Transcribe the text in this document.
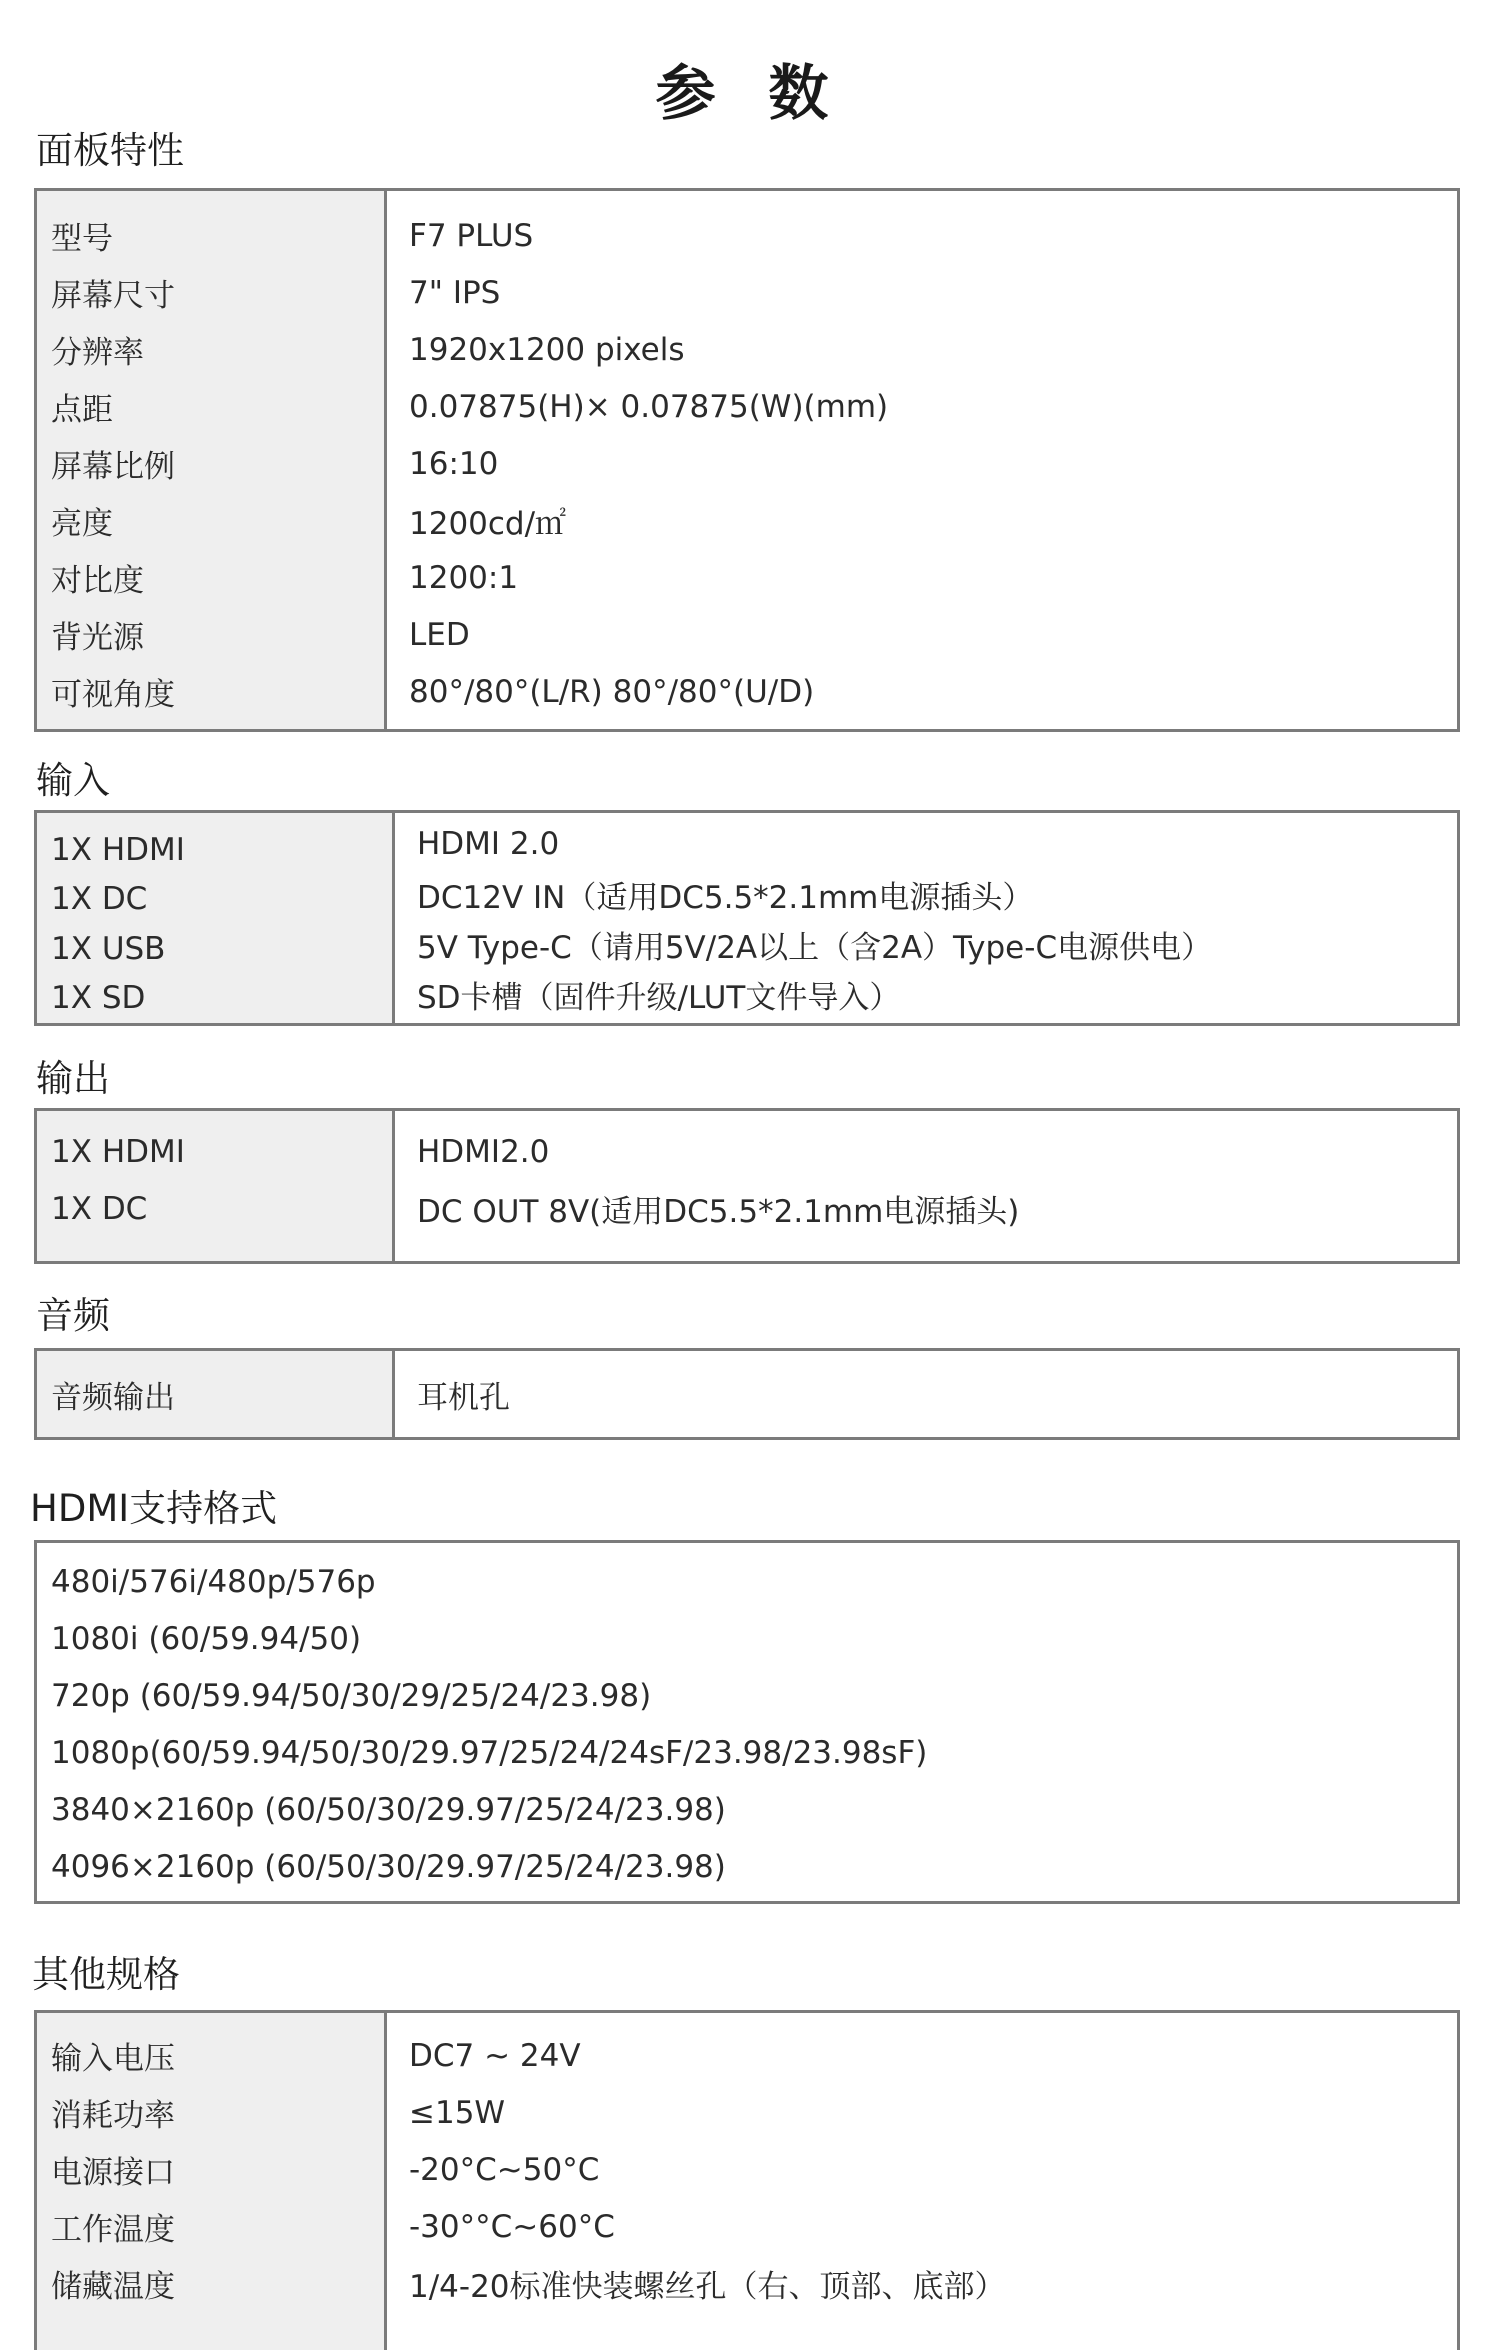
参 数
面板特性
型号
屏幕尺寸
分辨率
点距
屏幕比例
亮度
对比度
背光源
可视角度
F7 PLUS
7" IPS
1920x1200 pixels
0.07875(H)× 0.07875(W)(mm)
16:10
1200cd/㎡
1200:1
LED
80°/80°(L/R) 80°/80°(U/D)
输入
1X HDMI
1X DC
1X USB
1X SD
HDMI 2.0
DC12V IN（适用DC5.5*2.1mm电源插头）
5V Type-C（请用5V/2A以上（含2A）Type-C电源供电）
SD卡槽（固件升级/LUT文件导入）
输出
1X HDMI
1X DC
HDMI2.0
DC OUT 8V(适用DC5.5*2.1mm电源插头)
音频
音频输出	耳机孔
HDMI支持格式
480i/576i/480p/576p
1080i (60/59.94/50)
720p (60/59.94/50/30/29/25/24/23.98)
1080p(60/59.94/50/30/29.97/25/24/24sF/23.98/23.98sF)
3840×2160p (60/50/30/29.97/25/24/23.98)
4096×2160p (60/50/30/29.97/25/24/23.98)
其他规格
输入电压
消耗功率
电源接口
工作温度
储藏温度
DC7 ~ 24V
≤15W
-20°C~50°C
-30°°C~60°C
1/4-20标准快装螺丝孔（右、顶部、底部）
